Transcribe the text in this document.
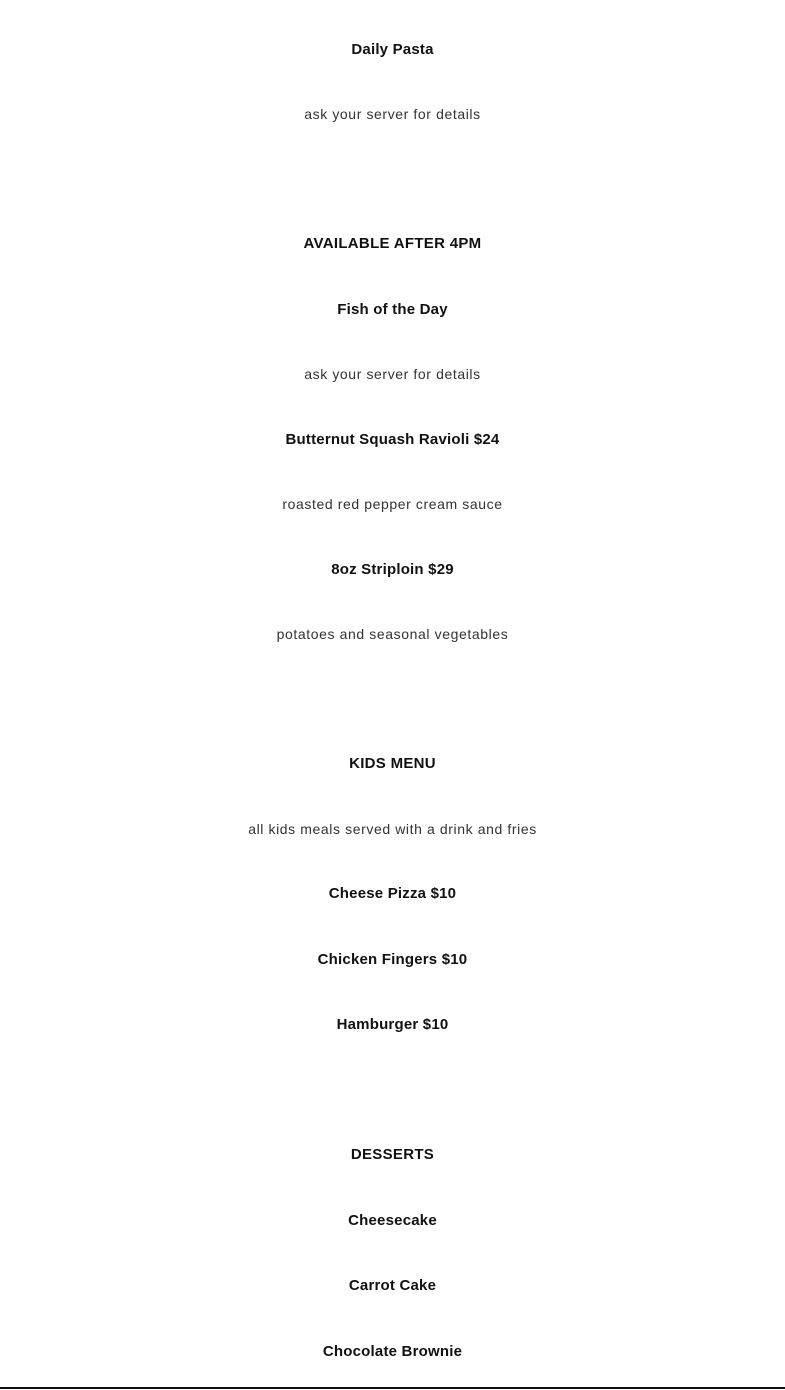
Daily Pasta
ask your server for details
AVAILABLE AFTER 4PM
Fish of the Day
ask your server for details
Butternut Squash Ravioli $24
roasted red pepper cream sauce
8oz Striploin $29
potatoes and seasonal vegetables
KIDS MENU
all kids meals served with a drink and fries
Cheese Pizza $10
Chicken Fingers $10
Hamburger $10
DESSERTS
Cheesecake
Carrot Cake
Chocolate Brownie
